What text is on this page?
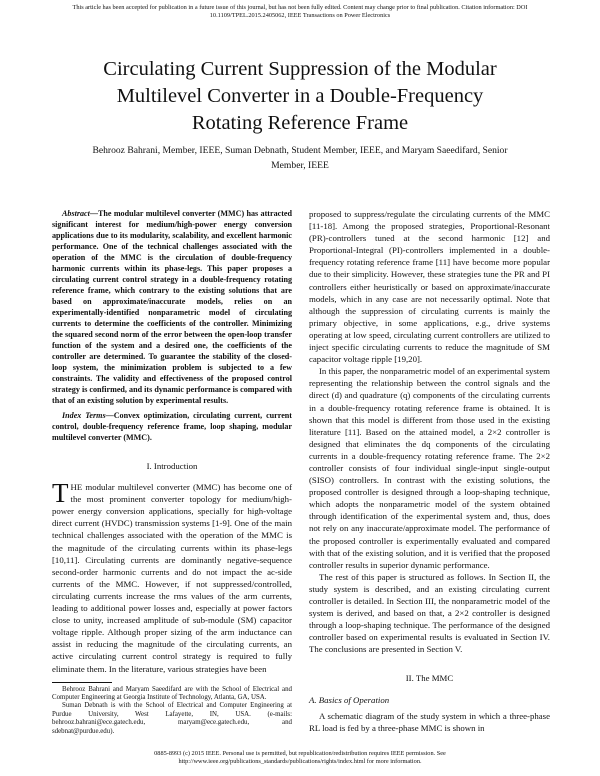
This article has been accepted for publication in a future issue of this journal, but has not been fully edited. Content may change prior to final publication. Citation information: DOI
10.1109/TPEL.2015.2405062, IEEE Transactions on Power Electronics
Circulating Current Suppression of the Modular
Multilevel Converter in a Double-Frequency
Rotating Reference Frame
Behrooz Bahrani, Member, IEEE, Suman Debnath, Student Member, IEEE, and Maryam Saeedifard, Senior
Member, IEEE

Abstract—The modular multilevel converter (MMC) has attracted significant interest for medium/high-power energy conversion applications due to its modularity, scalability, and excellent harmonic performance. One of the technical challenges associated with the operation of the MMC is the circulation of double-frequency harmonic currents within its phase-legs. This paper proposes a circulating current control strategy in a double-frequency rotating reference frame, which contrary to the existing solutions that are based on approximate/inaccurate models, relies on an experimentally-identified nonparametric model of circulating currents to determine the coefficients of the controller. Minimizing the squared second norm of the error between the open-loop transfer function of the system and a desired one, the coefficients of the controller are determined. To guarantee the stability of the closed-loop system, the minimization problem is subjected to a few constraints. The validity and effectiveness of the proposed control strategy is confirmed, and its dynamic performance is compared with that of an existing solution by experimental results.

Index Terms—Convex optimization, circulating current, current control, double-frequency reference frame, loop shaping, modular multilevel converter (MMC).

I. Introduction

THE modular multilevel converter (MMC) has become one of the most prominent converter topology for medium/high-power energy conversion applications, specially for high-voltage direct current (HVDC) transmission systems [1-9]. One of the main technical challenges associated with the operation of the MMC is the magnitude of the circulating currents within its phase-legs [10,11]. Circulating currents are dominantly negative-sequence second-order harmonic currents and do not impact the ac-side currents of the MMC. However, if not suppressed/controlled, circulating currents increase the rms values of the arm currents, leading to additional power losses and, especially at power factors close to unity, increased amplitude of sub-module (SM) capacitor voltage ripple. Although proper sizing of the arm inductance can assist in reducing the magnitude of the circulating currents, an active circulating current control strategy is required to fully eliminate them. In the literature, various strategies have been

Behrooz Bahrani and Maryam Saeedifard are with the School of Electrical and Computer Engineering at Georgia Institute of Technology, Atlanta, GA, USA.

Suman Debnath is with the School of Electrical and Computer Engineering at Purdue University, West Lafayette, IN, USA. (e-mails: behrooz.bahrani@ece.gatech.edu, maryam@ece.gatech.edu, and sdebnat@purdue.edu).

proposed to suppress/regulate the circulating currents of the MMC [11-18]. Among the proposed strategies, Proportional-Resonant (PR)-controllers tuned at the second harmonic [12] and Proportional-Integral (PI)-controllers implemented in a double-frequency rotating reference frame [11] have become more popular due to their simplicity. However, these strategies tune the PR and PI controllers either heuristically or based on approximate/inaccurate models, which in any case are not necessarily optimal. Note that although the suppression of circulating currents is mainly the primary objective, in some applications, e.g., drive systems operating at low speed, circulating current controllers are utilized to inject specific circulating currents to reduce the magnitude of SM capacitor voltage ripple [19,20].

In this paper, the nonparametric model of an experimental system representing the relationship between the control signals and the direct (d) and quadrature (q) components of the circulating currents in a double-frequency rotating reference frame is obtained. It is shown that this model is different from those used in the existing literature [11]. Based on the attained model, a 2×2 controller is designed that eliminates the dq components of the circulating currents in a double-frequency rotating reference frame. The 2×2 controller consists of four individual single-input single-output (SISO) controllers. In contrast with the existing solutions, the proposed controller is designed through a loop-shaping technique, which adopts the nonparametric model of the system obtained through identification of the experimental system and, thus, does not rely on any inaccurate/approximate model. The performance of the proposed controller is experimentally evaluated and compared with that of the existing solution, and it is verified that the proposed controller results in superior dynamic performance.

The rest of this paper is structured as follows. In Section II, the study system is described, and an existing circulating current controller is detailed. In Section III, the nonparametric model of the system is derived, and based on that, a 2×2 controller is designed through a loop-shaping technique. The performance of the designed controller based on experimental results is evaluated in Section IV. The conclusions are presented in Section V.

II. The MMC

A. Basics of Operation

A schematic diagram of the study system in which a three-phase RL load is fed by a three-phase MMC is shown in

0885-8993 (c) 2015 IEEE. Personal use is permitted, but republication/redistribution requires IEEE permission. See
http://www.ieee.org/publications_standards/publications/rights/index.html for more information.
